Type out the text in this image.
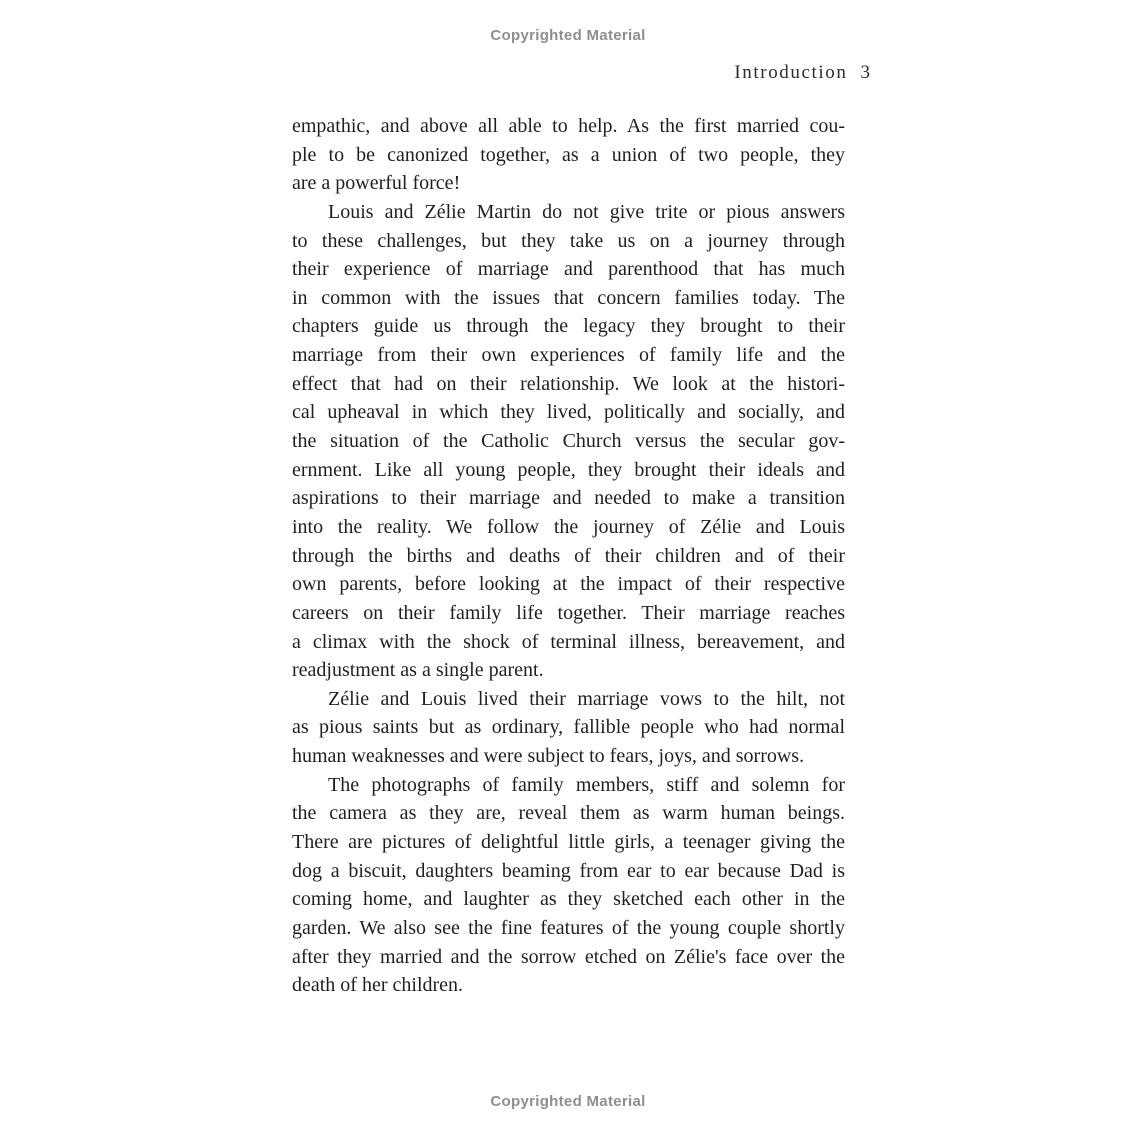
Copyrighted Material
Introduction 3
empathic, and above all able to help. As the first married cou-
ple to be canonized together, as a union of two people, they
are a powerful force!
Louis and Zélie Martin do not give trite or pious answers
to these challenges, but they take us on a journey through
their experience of marriage and parenthood that has much
in common with the issues that concern families today. The
chapters guide us through the legacy they brought to their
marriage from their own experiences of family life and the
effect that had on their relationship. We look at the histori-
cal upheaval in which they lived, politically and socially, and
the situation of the Catholic Church versus the secular gov-
ernment. Like all young people, they brought their ideals and
aspirations to their marriage and needed to make a transition
into the reality. We follow the journey of Zélie and Louis
through the births and deaths of their children and of their
own parents, before looking at the impact of their respective
careers on their family life together. Their marriage reaches
a climax with the shock of terminal illness, bereavement, and
readjustment as a single parent.
Zélie and Louis lived their marriage vows to the hilt, not
as pious saints but as ordinary, fallible people who had normal
human weaknesses and were subject to fears, joys, and sorrows.
The photographs of family members, stiff and solemn for
the camera as they are, reveal them as warm human beings.
There are pictures of delightful little girls, a teenager giving the
dog a biscuit, daughters beaming from ear to ear because Dad is
coming home, and laughter as they sketched each other in the
garden. We also see the fine features of the young couple shortly
after they married and the sorrow etched on Zélie's face over the
death of her children.
Copyrighted Material
